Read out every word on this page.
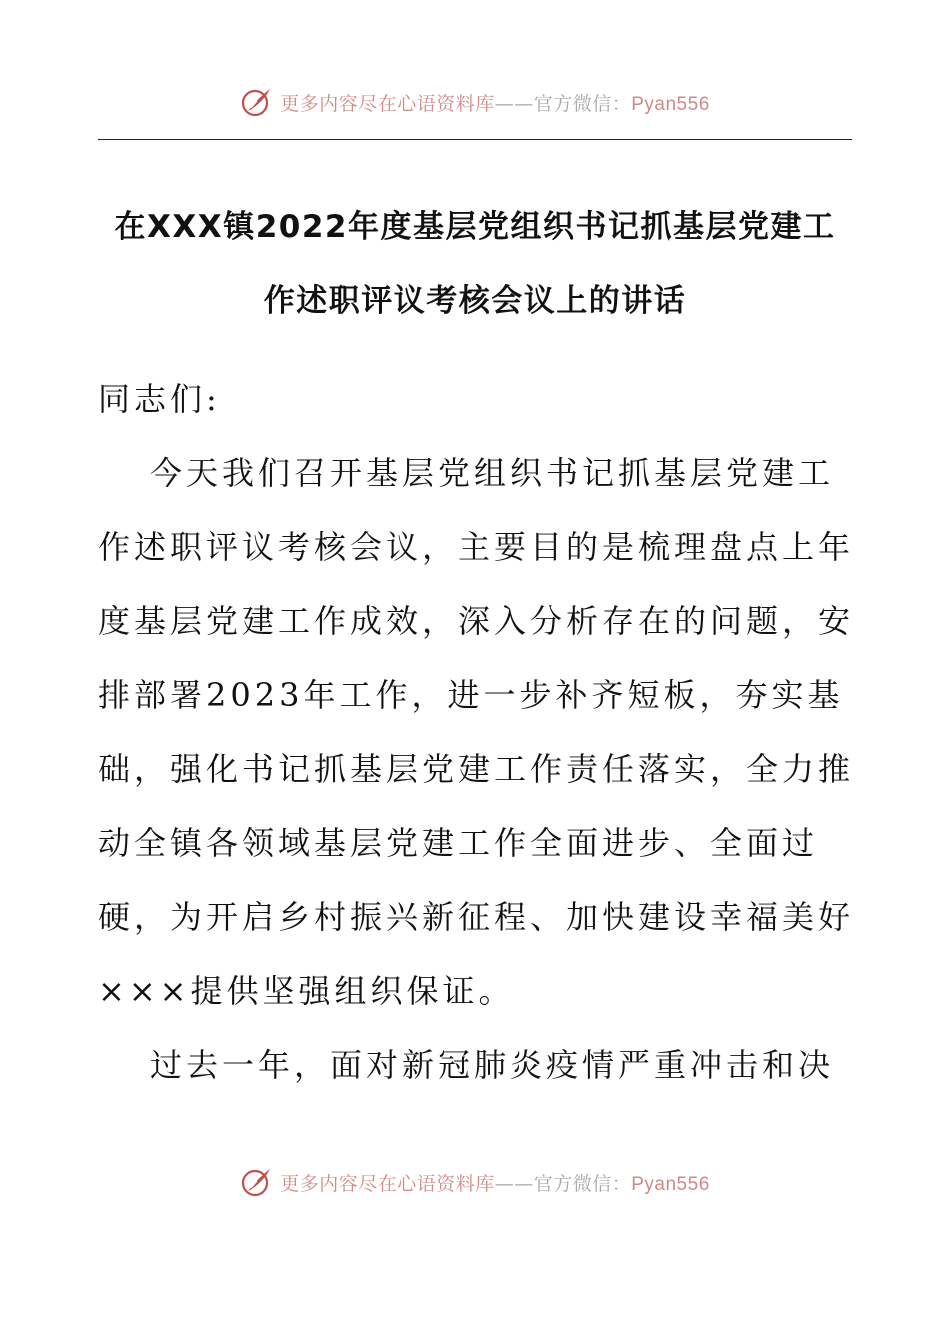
更多内容尽在心语资料库——官方微信：Pyan556
在XXX镇2022年度基层党组织书记抓基层党建工
作述职评议考核会议上的讲话

同志们:

今天我们召开基层党组织书记抓基层党建工作述职评议考核会议，主要目的是梳理盘点上年度基层党建工作成效，深入分析存在的问题，安排部署2023年工作，进一步补齐短板，夯实基础，强化书记抓基层党建工作责任落实，全力推动全镇各领域基层党建工作全面进步、全面过硬，为开启乡村振兴新征程、加快建设幸福美好×××提供坚强组织保证。

过去一年，面对新冠肺炎疫情严重冲击和决

更多内容尽在心语资料库——官方微信：Pyan556
